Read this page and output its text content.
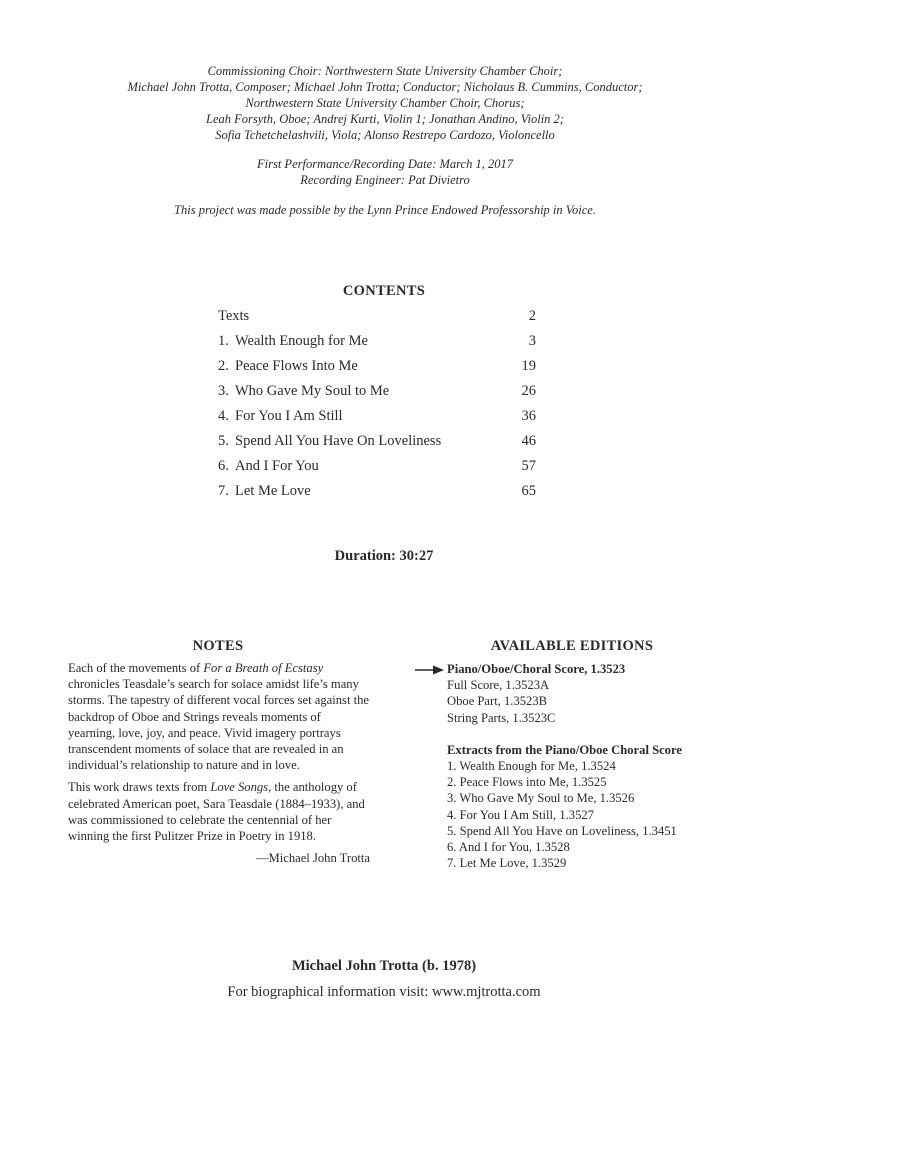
Commissioning Choir: Northwestern State University Chamber Choir;
Michael John Trotta, Composer; Michael John Trotta; Conductor; Nicholaus B. Cummins, Conductor;
Northwestern State University Chamber Choir, Chorus;
Leah Forsyth, Oboe; Andrej Kurti, Violin 1; Jonathan Andino, Violin 2;
Sofia Tchetchelashvili, Viola; Alonso Restrepo Cardozo, Violoncello
First Performance/Recording Date: March 1, 2017
Recording Engineer: Pat Divietro
This project was made possible by the Lynn Prince Endowed Professorship in Voice.
CONTENTS
Texts	2
1. Wealth Enough for Me	3
2. Peace Flows Into Me	19
3. Who Gave My Soul to Me	26
4. For You I Am Still	36
5. Spend All You Have On Loveliness	46
6. And I For You	57
7. Let Me Love	65
Duration: 30:27
NOTES

Each of the movements of For a Breath of Ecstasy chronicles Teasdale’s search for solace amidst life’s many storms. The tapestry of different vocal forces set against the backdrop of Oboe and Strings reveals moments of yearning, love, joy, and peace. Vivid imagery portrays transcendent moments of solace that are revealed in an individual’s relationship to nature and in love.

This work draws texts from Love Songs, the anthology of celebrated American poet, Sara Teasdale (1884–1933), and was commissioned to celebrate the centennial of her winning the first Pulitzer Prize in Poetry in 1918.

—Michael John Trotta
AVAILABLE EDITIONS
Piano/Oboe/Choral Score, 1.3523
Full Score, 1.3523A
Oboe Part, 1.3523B
String Parts, 1.3523C
Extracts from the Piano/Oboe Choral Score
1. Wealth Enough for Me, 1.3524
2. Peace Flows into Me, 1.3525
3. Who Gave My Soul to Me, 1.3526
4. For You I Am Still, 1.3527
5. Spend All You Have on Loveliness, 1.3451
6. And I for You, 1.3528
7. Let Me Love, 1.3529
Michael John Trotta (b. 1978)
For biographical information visit: www.mjtrotta.com
